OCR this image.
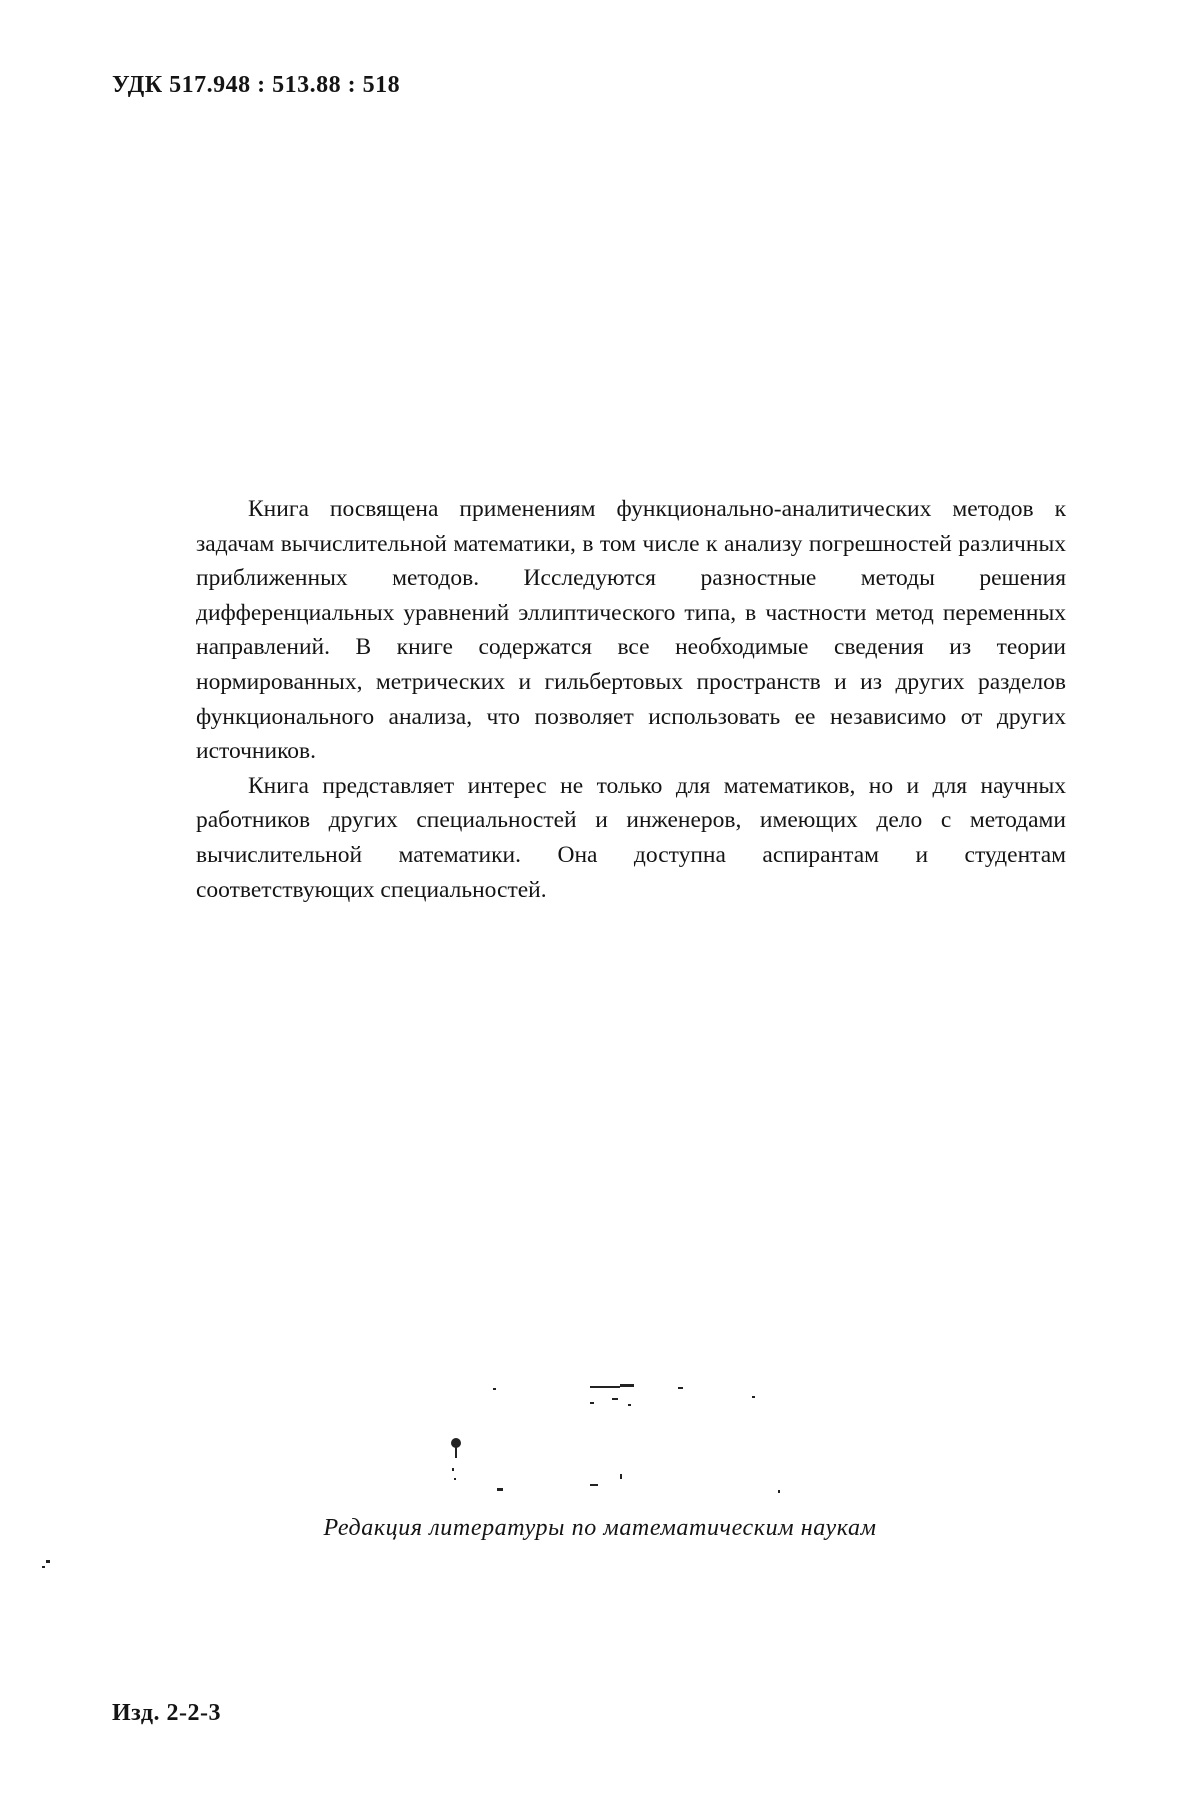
УДК 517.948 : 513.88 : 518

Книга посвящена применениям функционально-аналитических методов к задачам вычислительной математики, в том числе к анализу погрешностей различных приближенных методов. Исследуются разностные методы решения дифференциальных уравнений эллиптического типа, в частности метод переменных направлений. В книге содержатся все необходимые сведения из теории нормированных, метрических и гильбертовых пространств и из других разделов функционального анализа, что позволяет использовать ее независимо от других источников.

Книга представляет интерес не только для математиков, но и для научных работников других специальностей и инженеров, имеющих дело с методами вычислительной математики. Она доступна аспирантам и студентам соответствующих специальностей.

Редакция литературы по математическим наукам
Изд. 2-2-3
